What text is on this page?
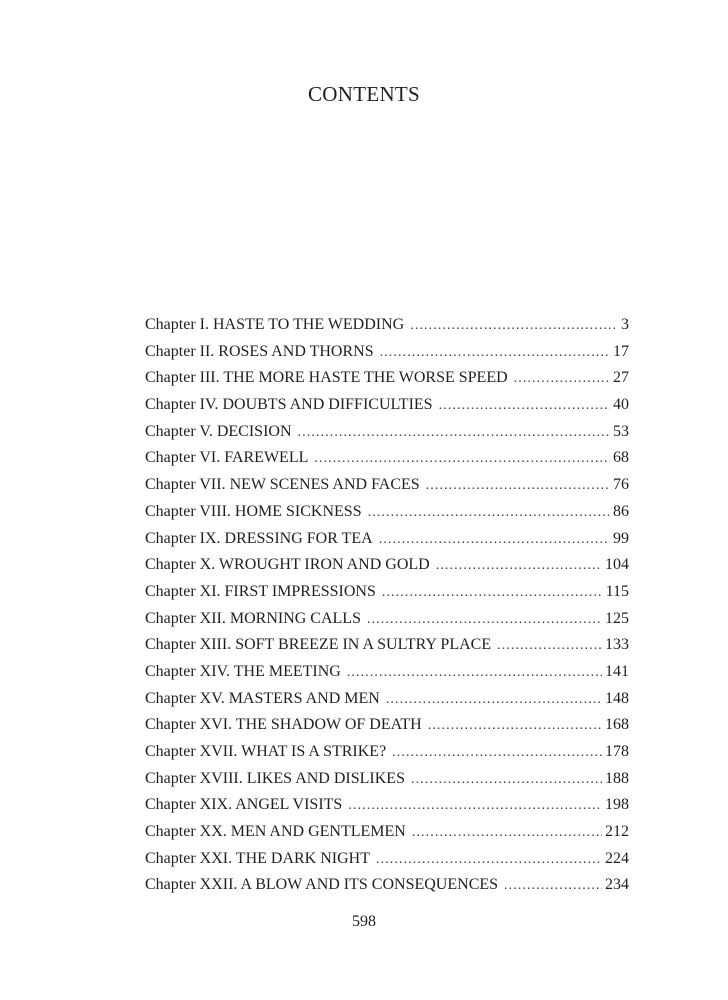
CONTENTS
Chapter I. HASTE TO THE WEDDING . . .	3
Chapter II. ROSES AND THORNS . . .	17
Chapter III. THE MORE HASTE THE WORSE SPEED . . .	27
Chapter IV. DOUBTS AND DIFFICULTIES . . .	40
Chapter V. DECISION . . .	53
Chapter VI. FAREWELL . . .	68
Chapter VII. NEW SCENES AND FACES . . .	76
Chapter VIII. HOME SICKNESS . . .	86
Chapter IX. DRESSING FOR TEA . . .	99
Chapter X. WROUGHT IRON AND GOLD . . .	104
Chapter XI. FIRST IMPRESSIONS . . .	115
Chapter XII. MORNING CALLS . . .	125
Chapter XIII. SOFT BREEZE IN A SULTRY PLACE . . .	133
Chapter XIV. THE MEETING . . .	141
Chapter XV. MASTERS AND MEN . . .	148
Chapter XVI. THE SHADOW OF DEATH . . .	168
Chapter XVII. WHAT IS A STRIKE? . . .	178
Chapter XVIII. LIKES AND DISLIKES . . .	188
Chapter XIX. ANGEL VISITS . . .	198
Chapter XX. MEN AND GENTLEMEN . . .	212
Chapter XXI. THE DARK NIGHT . . .	224
Chapter XXII. A BLOW AND ITS CONSEQUENCES . . .	234

598
